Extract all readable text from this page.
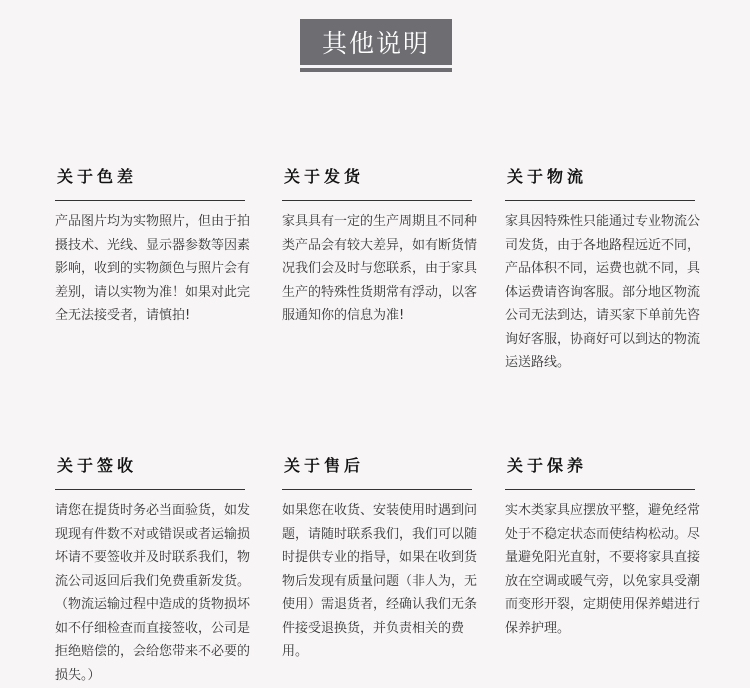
其他说明
关于色差
产品图片均为实物照片，但由于拍摄技术、光线、显示器参数等因素影响，收到的实物颜色与照片会有差别，请以实物为准！如果对此完全无法接受者，请慎拍!
关于发货
家具具有一定的生产周期且不同种类产品会有较大差异，如有断货情况我们会及时与您联系，由于家具生产的特殊性货期常有浮动，以客服通知你的信息为准!
关于物流
家具因特殊性只能通过专业物流公司发货，由于各地路程远近不同，产品体积不同，运费也就不同，具体运费请咨询客服。部分地区物流公司无法到达，请买家下单前先咨询好客服，协商好可以到达的物流运送路线。
关于签收
请您在提货时务必当面验货，如发现现有件数不对或错误或者运输损坏请不要签收并及时联系我们，物流公司返回后我们免费重新发货。（物流运输过程中造成的货物损坏如不仔细检查而直接签收，公司是拒绝赔偿的，会给您带来不必要的损失。）
关于售后
如果您在收货、安装使用时遇到问题，请随时联系我们，我们可以随时提供专业的指导，如果在收到货物后发现有质量问题（非人为，无使用）需退货者，经确认我们无条件接受退换货，并负责相关的费用。
关于保养
实木类家具应摆放平整，避免经常处于不稳定状态而使结构松动。尽量避免阳光直射，不要将家具直接放在空调或暖气旁，以免家具受潮而变形开裂，定期使用保养蜡进行保养护理。
